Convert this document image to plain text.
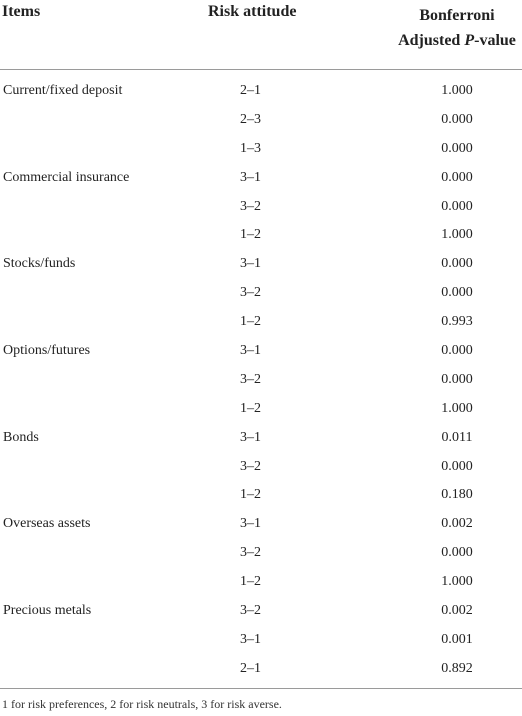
Items	Risk attitude	Bonferroni
Adjusted P-value
Current/fixed deposit	2–1	1.000
2–3	0.000
1–3	0.000
Commercial insurance	3–1	0.000
3–2	0.000
1–2	1.000
Stocks/funds	3–1	0.000
3–2	0.000
1–2	0.993
Options/futures	3–1	0.000
3–2	0.000
1–2	1.000
Bonds	3–1	0.011
3–2	0.000
1–2	0.180
Overseas assets	3–1	0.002
3–2	0.000
1–2	1.000
Precious metals	3–2	0.002
3–1	0.001
2–1	0.892
1 for risk preferences, 2 for risk neutrals, 3 for risk averse.
